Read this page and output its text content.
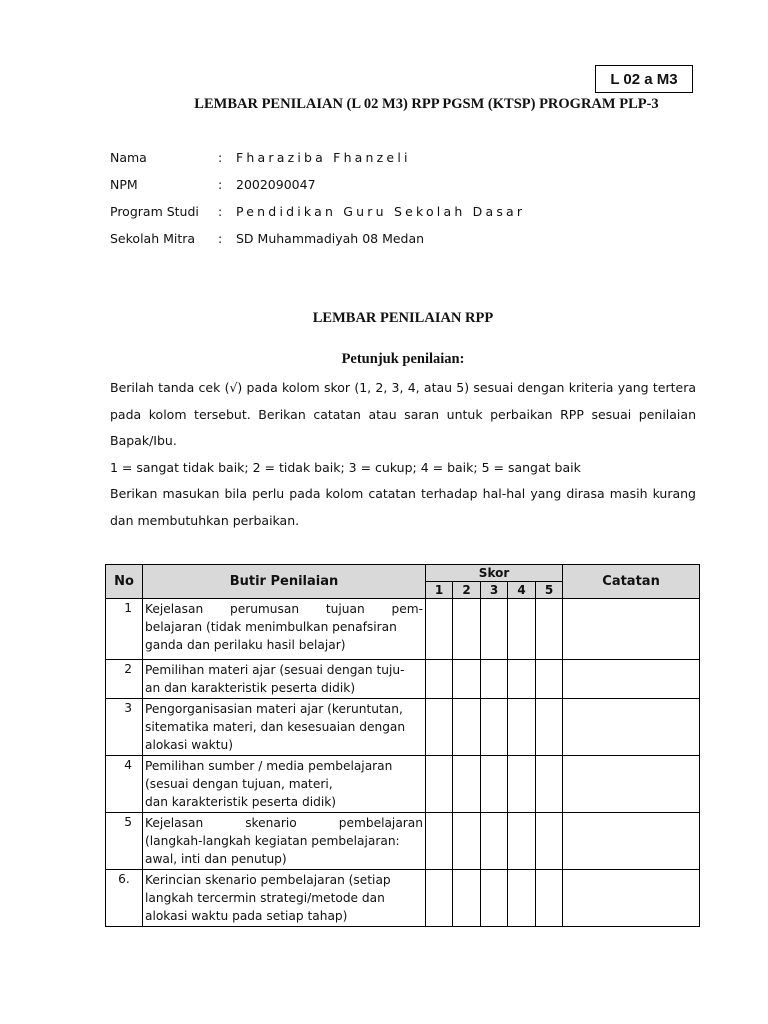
L 02 a M3
LEMBAR PENILAIAN (L 02 M3) RPP PGSM (KTSP) PROGRAM PLP-3
Nama	: Fharaziba Fhanzeli
NPM	: 2002090047
Program Studi : Pendidikan Guru Sekolah Dasar
Sekolah Mitra : SD Muhammadiyah 08 Medan
LEMBAR PENILAIAN RPP
Petunjuk penilaian:

Berilah tanda cek (√) pada kolom skor (1, 2, 3, 4, atau 5) sesuai dengan kriteria yang tertera pada kolom tersebut. Berikan catatan atau saran untuk perbaikan RPP sesuai penilaian Bapak/Ibu.

1 = sangat tidak baik; 2 = tidak baik; 3 = cukup; 4 = baik; 5 = sangat baik

Berikan masukan bila perlu pada kolom catatan terhadap hal-hal yang dirasa masih kurang dan membutuhkan perbaikan.

No	Butir Penilaian	Skor					Catatan
		1	2	3	4	5	
1	Kejelasan perumusan tujuan pem-
belajaran (tidak menimbulkan penafsiran
ganda dan perilaku hasil belajar)						

2	Pemilihan materi ajar (sesuai dengan tuju-
an dan karakteristik peserta didik)						

3	Pengorganisasian materi ajar (keruntutan,
sitematika materi, dan kesesuaian dengan
alokasi waktu)						

4	Pemilihan sumber / media pembelajaran
(sesuai dengan tujuan, materi,
dan karakteristik peserta didik)						

5	Kejelasan skenario pembelajaran
(langkah-langkah kegiatan pembelajaran:
awal, inti dan penutup)						

6.	Kerincian skenario pembelajaran (setiap
langkah tercermin strategi/metode dan
alokasi waktu pada setiap tahap)						
